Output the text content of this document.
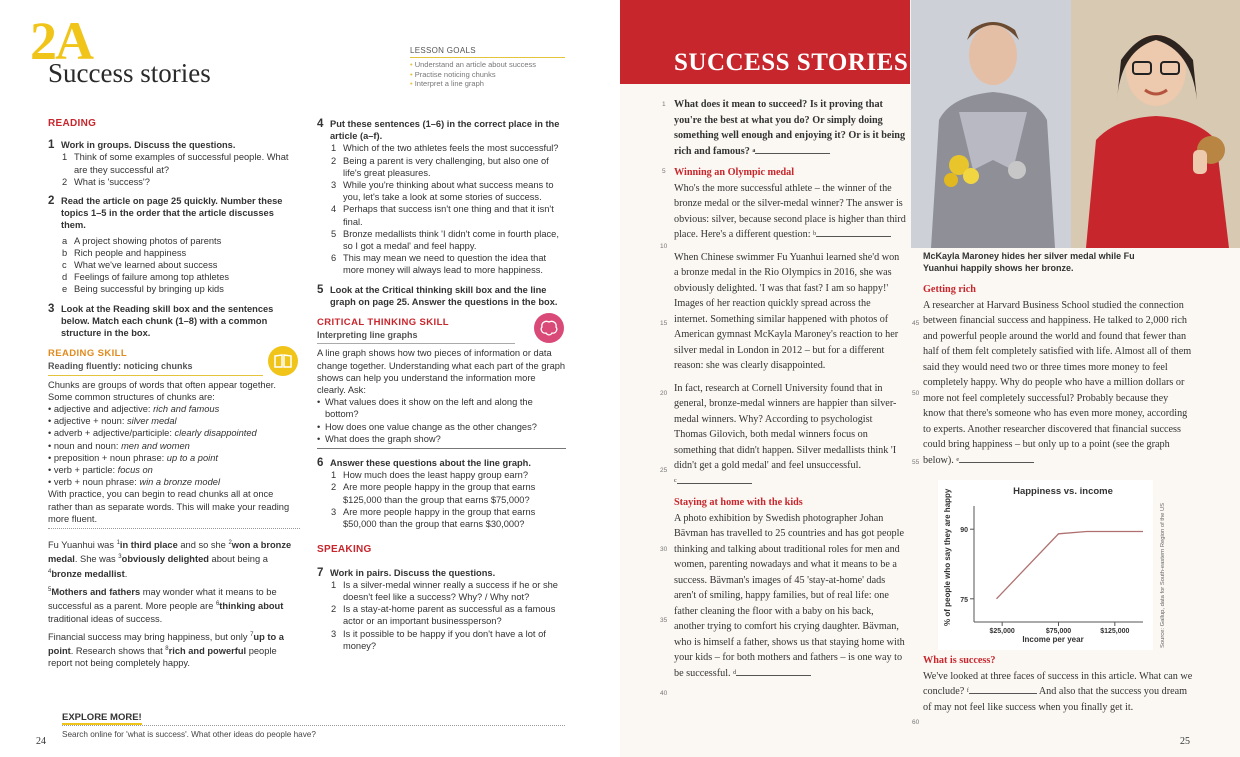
2A
Success stories
LESSON GOALS
• Understand an article about success
• Practise noticing chunks
• Interpret a line graph
READING
1 Work in groups. Discuss the questions.
1 Think of some examples of successful people. What are they successful at?
2 What is 'success'?
2 Read the article on page 25 quickly. Number these topics 1–5 in the order that the article discusses them.
a A project showing photos of parents
b Rich people and happiness
c What we've learned about success
d Feelings of failure among top athletes
e Being successful by bringing up kids
3 Look at the Reading skill box and the sentences below. Match each chunk (1–8) with a common structure in the box.
READING SKILL
Reading fluently: noticing chunks
Chunks are groups of words that often appear together. Some common structures of chunks are:
• adjective and adjective: rich and famous
• adjective + noun: silver medal
• adverb + adjective/participle: clearly disappointed
• noun and noun: men and women
• preposition + noun phrase: up to a point
• verb + particle: focus on
• verb + noun phrase: win a bronze model
With practice, you can begin to read chunks all at once rather than as separate words. This will make your reading more fluent.
Fu Yuanhui was $^1$in third place and so she $^2$won a bronze medal. She was $^3$obviously delighted about being a $^4$bronze medallist.
$^5$Mothers and fathers may wonder what it means to be successful as a parent. More people are $^6$thinking about traditional ideas of success.
Financial success may bring happiness, but only $^7$up to a point. Research shows that $^8$rich and powerful people report not being completely happy.
EXPLORE MORE!
Search online for 'what is success'. What other ideas do people have?
24
4 Put these sentences (1–6) in the correct place in the article (a–f).
1 Which of the two athletes feels the most successful?
2 Being a parent is very challenging, but also one of life's great pleasures.
3 While you're thinking about what success means to you, let's take a look at some stories of success.
4 Perhaps that success isn't one thing and that it isn't final.
5 Bronze medallists think 'I didn't come in fourth place, so I got a medal' and feel happy.
6 This may mean we need to question the idea that more money will always lead to more happiness.
5 Look at the Critical thinking skill box and the line graph on page 25. Answer the questions in the box.
CRITICAL THINKING SKILL
Interpreting line graphs
A line graph shows how two pieces of information or data change together. Understanding what each part of the graph shows can help you understand the information more clearly. Ask:
• What values does it show on the left and along the bottom?
• How does one value change as the other changes?
• What does the graph show?
6 Answer these questions about the line graph.
1 How much does the least happy group earn?
2 Are more people happy in the group that earns $125,000 than the group that earns $75,000?
3 Are more people happy in the group that earns $50,000 than the group that earns $30,000?
SPEAKING
7 Work in pairs. Discuss the questions.
1 Is a silver-medal winner really a success if he or she doesn't feel like a success? Why? / Why not?
2 Is a stay-at-home parent as successful as a famous actor or an important businessperson?
3 Is it possible to be happy if you don't have a lot of money?
SUCCESS STORIES
McKayla Maroney hides her silver medal while Fu Yuanhui happily shows her bronze.
1
5
10
15
20
25
30
35
40
45
50
55
60

What does it mean to succeed? Is it proving that you're the best at what you do? Or simply doing something well enough and enjoying it? Or is it being rich and famous? $^a$

Winning an Olympic medal

Who's the more successful athlete – the winner of the bronze medal or the silver-medal winner? The answer is obvious: silver, because second place is higher than third place. Here's a different question: $^b$

When Chinese swimmer Fu Yuanhui learned she'd won a bronze medal in the Rio Olympics in 2016, she was obviously delighted. 'I was that fast? I am so happy!' Images of her reaction quickly spread across the internet. Something similar happened with photos of American gymnast McKayla Maroney's reaction to her silver medal in London in 2012 – but for a different reason: she was clearly disappointed.

In fact, research at Cornell University found that in general, bronze-medal winners are happier than silver-medal winners. Why? According to psychologist Thomas Gilovich, both medal winners focus on something that didn't happen. Silver medallists think 'I didn't get a gold medal' and feel unsuccessful.
$^c$

Staying at home with the kids

A photo exhibition by Swedish photographer Johan Bävman has travelled to 25 countries and has got people thinking and talking about traditional roles for men and women, parenting nowadays and what it means to be a success. Bävman's images of 45 'stay-at-home' dads aren't of smiling, happy families, but of real life: one father cleaning the floor with a baby on his back, another trying to comfort his crying daughter. Bävman, who is himself a father, shows us that staying home with your kids – for both mothers and fathers – is one way to be successful. $^d$

Getting rich

A researcher at Harvard Business School studied the connection between financial success and happiness. He talked to 2,000 rich and powerful people around the world and found that fewer than half of them felt completely satisfied with life. Almost all of them said they would need two or three times more money to feel completely happy. Why do people who have a million dollars or more not feel completely successful? Probably because they know that there's someone who has even more money, according to experts. Another researcher discovered that financial success could bring happiness – but only up to a point (see the graph below). $^e$

Happiness vs. income
% of people who say they are happy
Income per year
$25,000	$75,000	$125,000
75
90	Source: Gallup, data for South-eastern Region of the US
What is success?

We've looked at three faces of success in this article. What can we conclude? $^f$	And also that the success you dream of may not feel like success when you finally get it.

25
